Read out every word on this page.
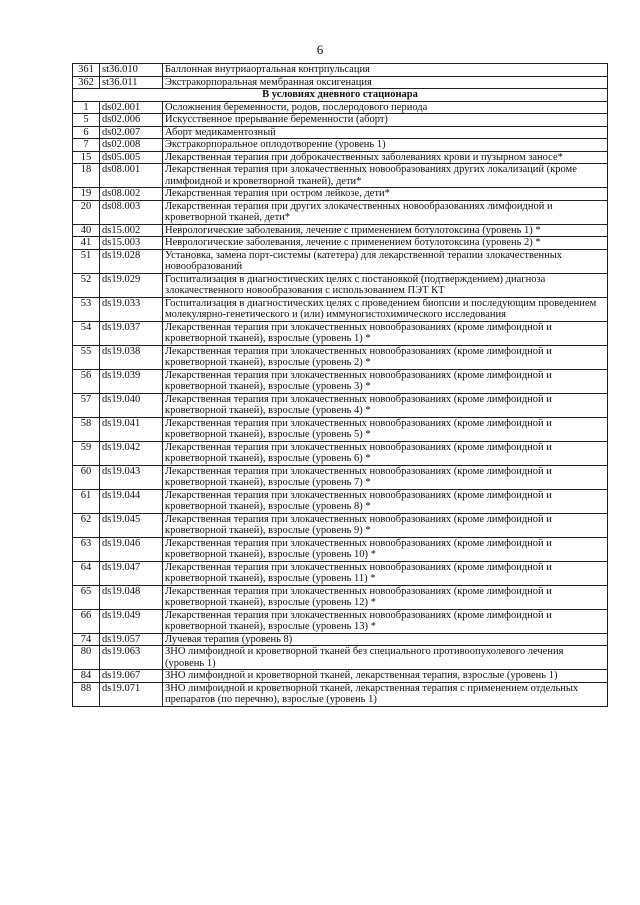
6
361	st36.010	Баллонная внутриаортальная контрпульсация
362	st36.011	Экстракорпоральная мембранная оксигенация
В условиях дневного стационара		
1	ds02.001	Осложнения беременности, родов, послеродового периода
5	ds02.006	Искусственное прерывание беременности (аборт)
6	ds02.007	Аборт медикаментозный
7	ds02.008	Экстракорпоральное оплодотворение (уровень 1)
15	ds05.005	Лекарственная терапия при доброкачественных заболеваниях крови и пузырном заносе*
18	ds08.001	Лекарственная терапия при злокачественных новообразованиях других локализаций (кроме лимфоидной и кроветворной тканей), дети*
19	ds08.002	Лекарственная терапия при остром лейкозе, дети*
20	ds08.003	Лекарственная терапия при других злокачественных новообразованиях лимфоидной и кроветворной тканей, дети*
40	ds15.002	Неврологические заболевания, лечение с применением ботулотоксина (уровень 1) *
41	ds15.003	Неврологические заболевания, лечение с применением ботулотоксина (уровень 2) *
51	ds19.028	Установка, замена порт-системы (катетера) для лекарственной терапии злокачественных новообразований
52	ds19.029	Госпитализация в диагностических целях с постановкой (подтверждением) диагноза злокачественного новообразования с использованием ПЭТ КТ
53	ds19.033	Госпитализация в диагностических целях с проведением биопсии и последующим проведением молекулярно-генетического и (или) иммуногистохимического исследования
54	ds19.037	Лекарственная терапия при злокачественных новообразованиях (кроме лимфоидной и кроветворной тканей), взрослые (уровень 1) *
55	ds19.038	Лекарственная терапия при злокачественных новообразованиях (кроме лимфоидной и кроветворной тканей), взрослые (уровень 2) *
56	ds19.039	Лекарственная терапия при злокачественных новообразованиях (кроме лимфоидной и кроветворной тканей), взрослые (уровень 3) *
57	ds19.040	Лекарственная терапия при злокачественных новообразованиях (кроме лимфоидной и кроветворной тканей), взрослые (уровень 4) *
58	ds19.041	Лекарственная терапия при злокачественных новообразованиях (кроме лимфоидной и кроветворной тканей), взрослые (уровень 5) *
59	ds19.042	Лекарственная терапия при злокачественных новообразованиях (кроме лимфоидной и кроветворной тканей), взрослые (уровень 6) *
60	ds19.043	Лекарственная терапия при злокачественных новообразованиях (кроме лимфоидной и кроветворной тканей), взрослые (уровень 7) *
61	ds19.044	Лекарственная терапия при злокачественных новообразованиях (кроме лимфоидной и кроветворной тканей), взрослые (уровень 8) *
62	ds19.045	Лекарственная терапия при злокачественных новообразованиях (кроме лимфоидной и кроветворной тканей), взрослые (уровень 9) *
63	ds19.046	Лекарственная терапия при злокачественных новообразованиях (кроме лимфоидной и кроветворной тканей), взрослые (уровень 10) *
64	ds19.047	Лекарственная терапия при злокачественных новообразованиях (кроме лимфоидной и кроветворной тканей), взрослые (уровень 11) *
65	ds19.048	Лекарственная терапия при злокачественных новообразованиях (кроме лимфоидной и кроветворной тканей), взрослые (уровень 12) *
66	ds19.049	Лекарственная терапия при злокачественных новообразованиях (кроме лимфоидной и кроветворной тканей), взрослые (уровень 13) *
74	ds19.057	Лучевая терапия (уровень 8)
80	ds19.063	ЗНО лимфоидной и кроветворной тканей без специального противоопухолевого лечения (уровень 1)
84	ds19.067	ЗНО лимфоидной и кроветворной тканей, лекарственная терапия, взрослые (уровень 1)
88	ds19.071	ЗНО лимфоидной и кроветворной тканей, лекарственная терапия с применением отдельных препаратов (по перечню), взрослые (уровень 1)
